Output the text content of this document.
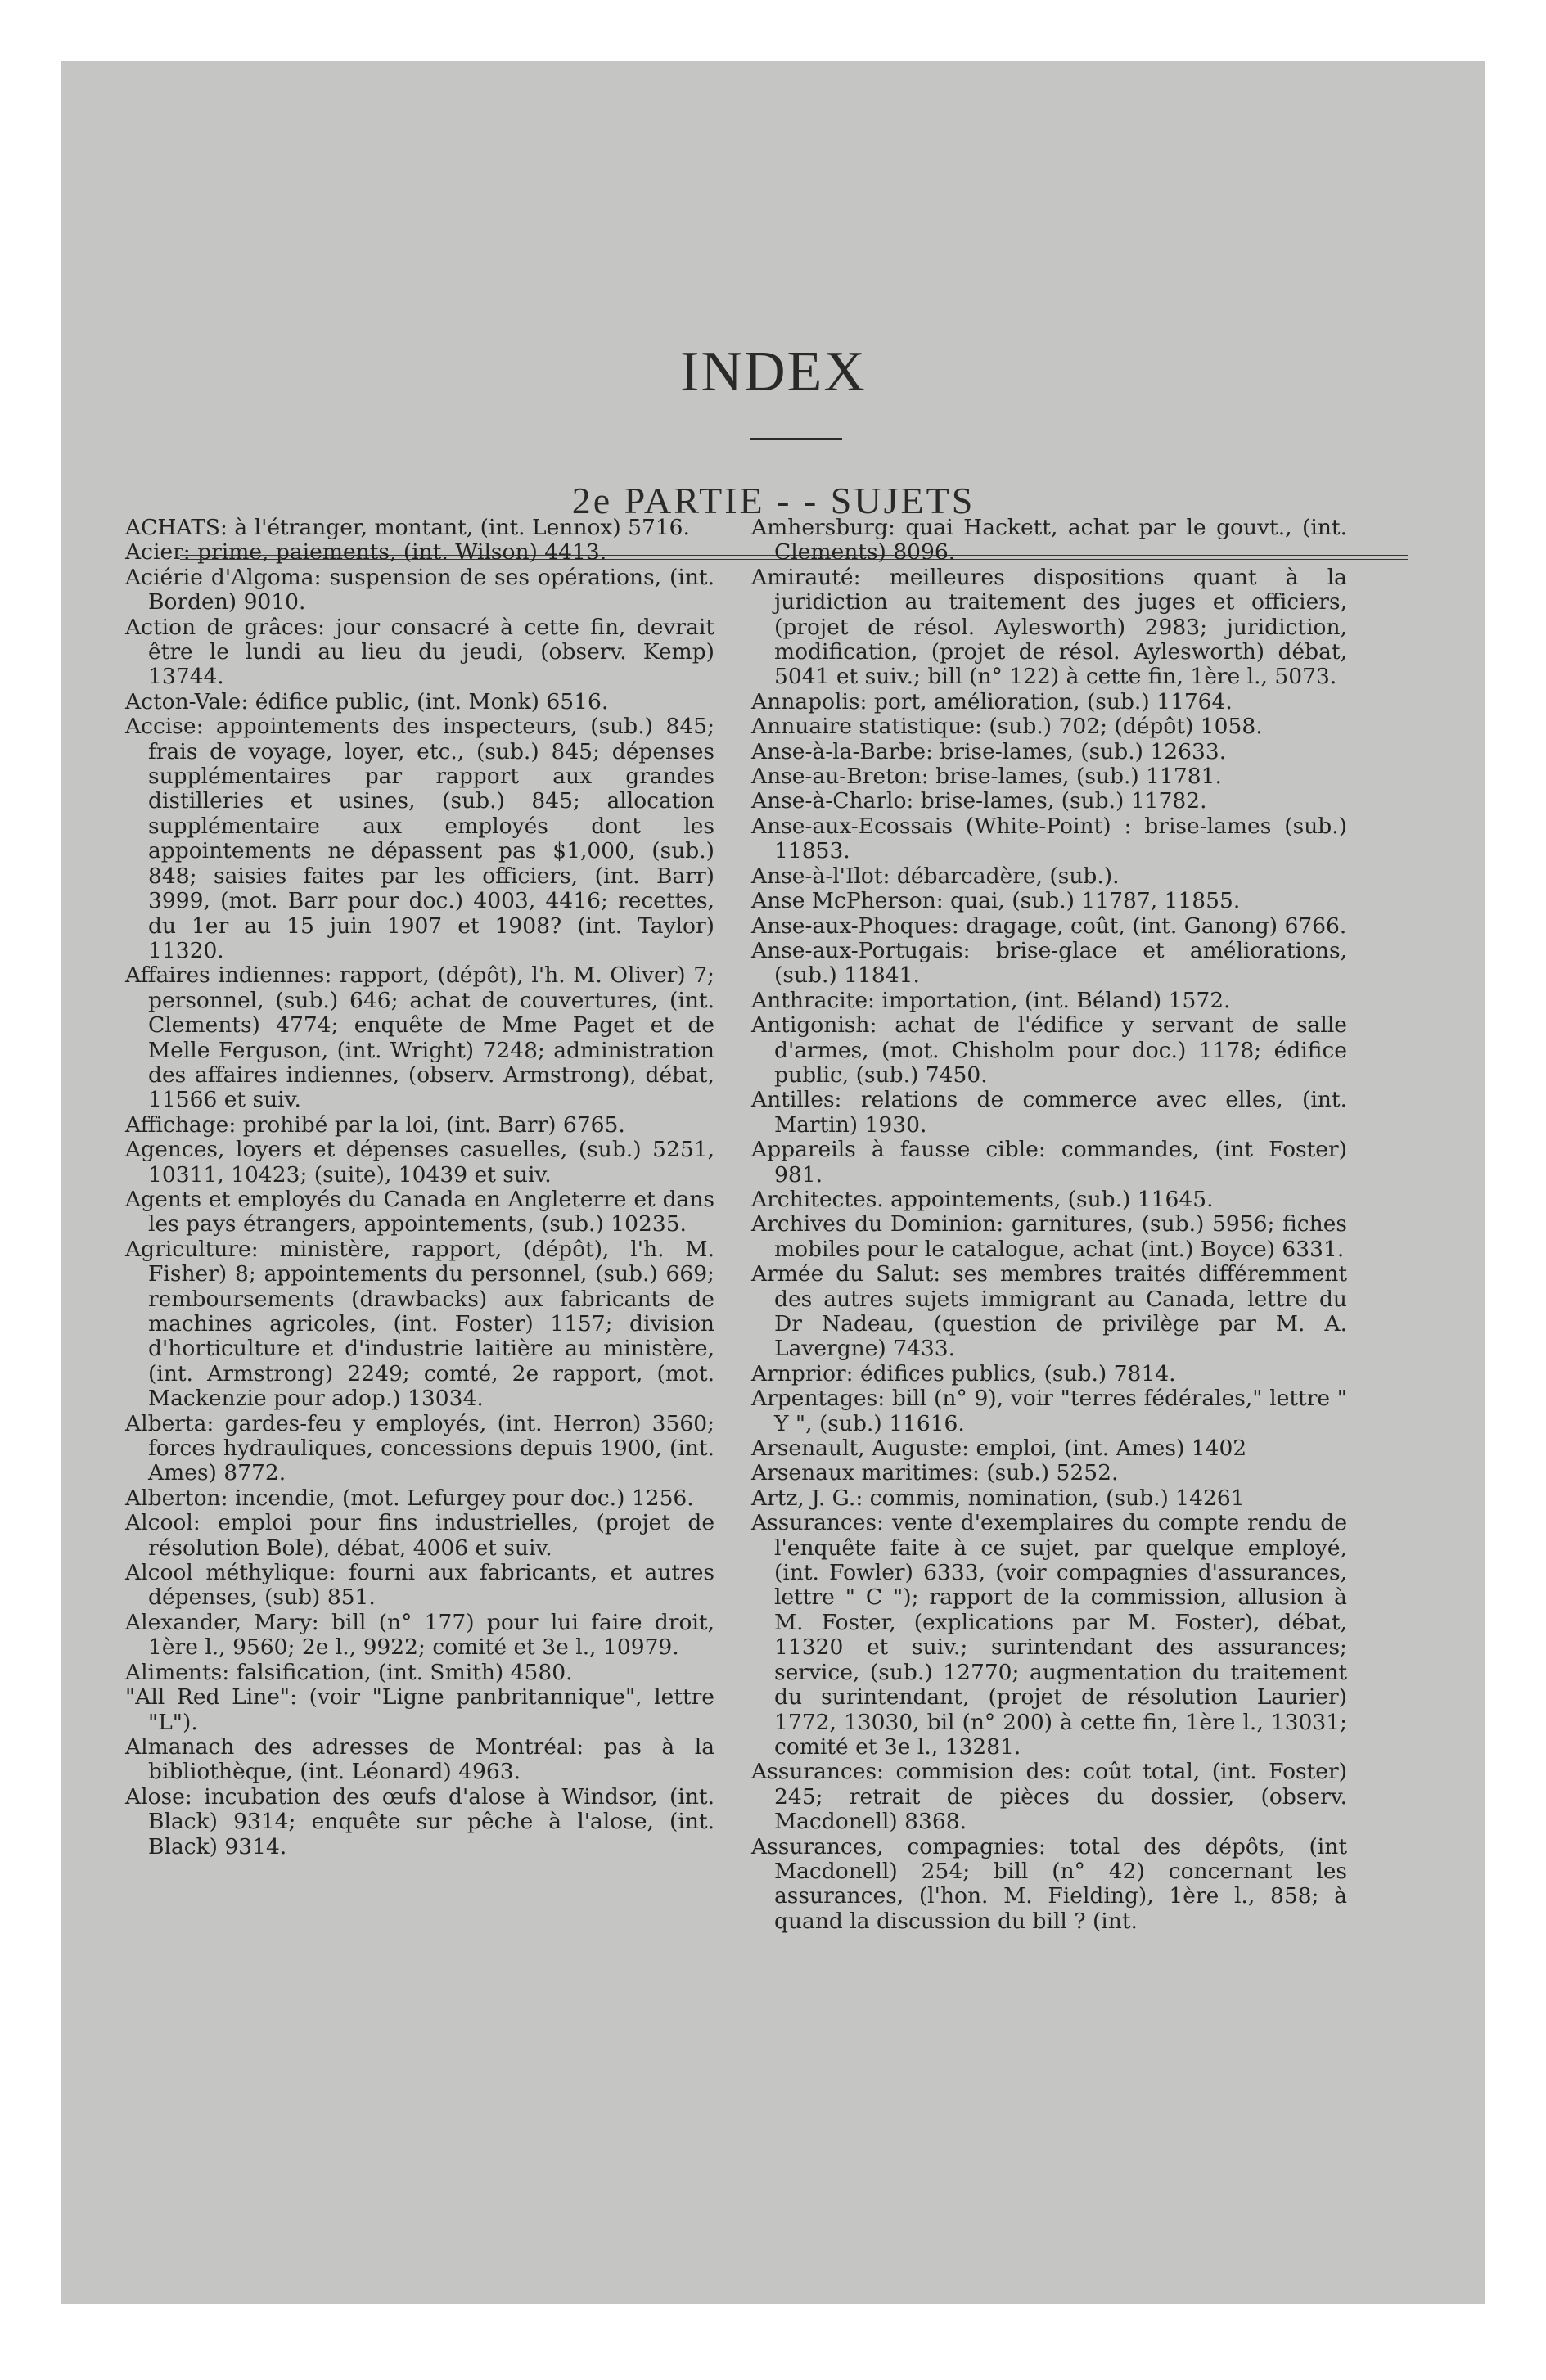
INDEX
2e PARTIE - - SUJETS

ACHATS: à l'étranger, montant, (int. Lennox) 5716.

Acier: prime, paiements, (int. Wilson) 4413.

Aciérie d'Algoma: suspension de ses opérations, (int. Borden) 9010.

Action de grâces: jour consacré à cette fin, devrait être le lundi au lieu du jeudi, (observ. Kemp) 13744.

Acton-Vale: édifice public, (int. Monk) 6516.

Accise: appointements des inspecteurs, (sub.) 845; frais de voyage, loyer, etc., (sub.) 845; dépenses supplémentaires par rapport aux grandes distilleries et usines, (sub.) 845; allocation supplémentaire aux employés dont les appointements ne dépassent pas $1,000, (sub.) 848; saisies faites par les officiers, (int. Barr) 3999, (mot. Barr pour doc.) 4003, 4416; recettes, du 1er au 15 juin 1907 et 1908? (int. Taylor) 11320.

Affaires indiennes: rapport, (dépôt), l'h. M. Oliver) 7; personnel, (sub.) 646; achat de couvertures, (int. Clements) 4774; enquête de Mme Paget et de Melle Ferguson, (int. Wright) 7248; administration des affaires indiennes, (observ. Armstrong), débat, 11566 et suiv.

Affichage: prohibé par la loi, (int. Barr) 6765.

Agences, loyers et dépenses casuelles, (sub.) 5251, 10311, 10423; (suite), 10439 et suiv.

Agents et employés du Canada en Angleterre et dans les pays étrangers, appointements, (sub.) 10235.

Agriculture: ministère, rapport, (dépôt), l'h. M. Fisher) 8; appointements du personnel, (sub.) 669; remboursements (drawbacks) aux fabricants de machines agricoles, (int. Foster) 1157; division d'horticulture et d'industrie laitière au ministère, (int. Armstrong) 2249; comté, 2e rapport, (mot. Mackenzie pour adop.) 13034.

Alberta: gardes-feu y employés, (int. Herron) 3560; forces hydrauliques, concessions depuis 1900, (int. Ames) 8772.

Alberton: incendie, (mot. Lefurgey pour doc.) 1256.

Alcool: emploi pour fins industrielles, (projet de résolution Bole), débat, 4006 et suiv.

Alcool méthylique: fourni aux fabricants, et autres dépenses, (sub) 851.

Alexander, Mary: bill (n° 177) pour lui faire droit, 1ère l., 9560; 2e l., 9922; comité et 3e l., 10979.

Aliments: falsification, (int. Smith) 4580.

"All Red Line": (voir "Ligne panbritannique", lettre "L").

Almanach des adresses de Montréal: pas à la bibliothèque, (int. Léonard) 4963.

Alose: incubation des œufs d'alose à Windsor, (int. Black) 9314; enquête sur pêche à l'alose, (int. Black) 9314.

Amhersburg: quai Hackett, achat par le gouvt., (int. Clements) 8096.

Amirauté: meilleures dispositions quant à la juridiction au traitement des juges et officiers, (projet de résol. Aylesworth) 2983; juridiction, modification, (projet de résol. Aylesworth) débat, 5041 et suiv.; bill (n° 122) à cette fin, 1ère l., 5073.

Annapolis: port, amélioration, (sub.) 11764.

Annuaire statistique: (sub.) 702; (dépôt) 1058.

Anse-à-la-Barbe: brise-lames, (sub.) 12633.

Anse-au-Breton: brise-lames, (sub.) 11781.

Anse-à-Charlo: brise-lames, (sub.) 11782.

Anse-aux-Ecossais (White-Point) : brise-lames (sub.) 11853.

Anse-à-l'Ilot: débarcadère, (sub.).

Anse McPherson: quai, (sub.) 11787, 11855.

Anse-aux-Phoques: dragage, coût, (int. Ganong) 6766.

Anse-aux-Portugais: brise-glace et améliorations, (sub.) 11841.

Anthracite: importation, (int. Béland) 1572.

Antigonish: achat de l'édifice y servant de salle d'armes, (mot. Chisholm pour doc.) 1178; édifice public, (sub.) 7450.

Antilles: relations de commerce avec elles, (int. Martin) 1930.

Appareils à fausse cible: commandes, (int Foster) 981.

Architectes. appointements, (sub.) 11645.

Archives du Dominion: garnitures, (sub.) 5956; fiches mobiles pour le catalogue, achat (int.) Boyce) 6331.

Armée du Salut: ses membres traités différemment des autres sujets immigrant au Canada, lettre du Dr Nadeau, (question de privilège par M. A. Lavergne) 7433.

Arnprior: édifices publics, (sub.) 7814.

Arpentages: bill (n° 9), voir "terres fédérales," lettre " Y ", (sub.) 11616.

Arsenault, Auguste: emploi, (int. Ames) 1402

Arsenaux maritimes: (sub.) 5252.

Artz, J. G.: commis, nomination, (sub.) 14261

Assurances: vente d'exemplaires du compte rendu de l'enquête faite à ce sujet, par quelque employé, (int. Fowler) 6333, (voir compagnies d'assurances, lettre " C "); rapport de la commission, allusion à M. Foster, (explications par M. Foster), débat, 11320 et suiv.; surintendant des assurances; service, (sub.) 12770; augmentation du traitement du surintendant, (projet de résolution Laurier) 1772, 13030, bil (n° 200) à cette fin, 1ère l., 13031; comité et 3e l., 13281.

Assurances: commision des: coût total, (int. Foster) 245; retrait de pièces du dossier, (observ. Macdonell) 8368.

Assurances, compagnies: total des dépôts, (int Macdonell) 254; bill (n° 42) concernant les assurances, (l'hon. M. Fielding), 1ère l., 858; à quand la discussion du bill ? (int.
